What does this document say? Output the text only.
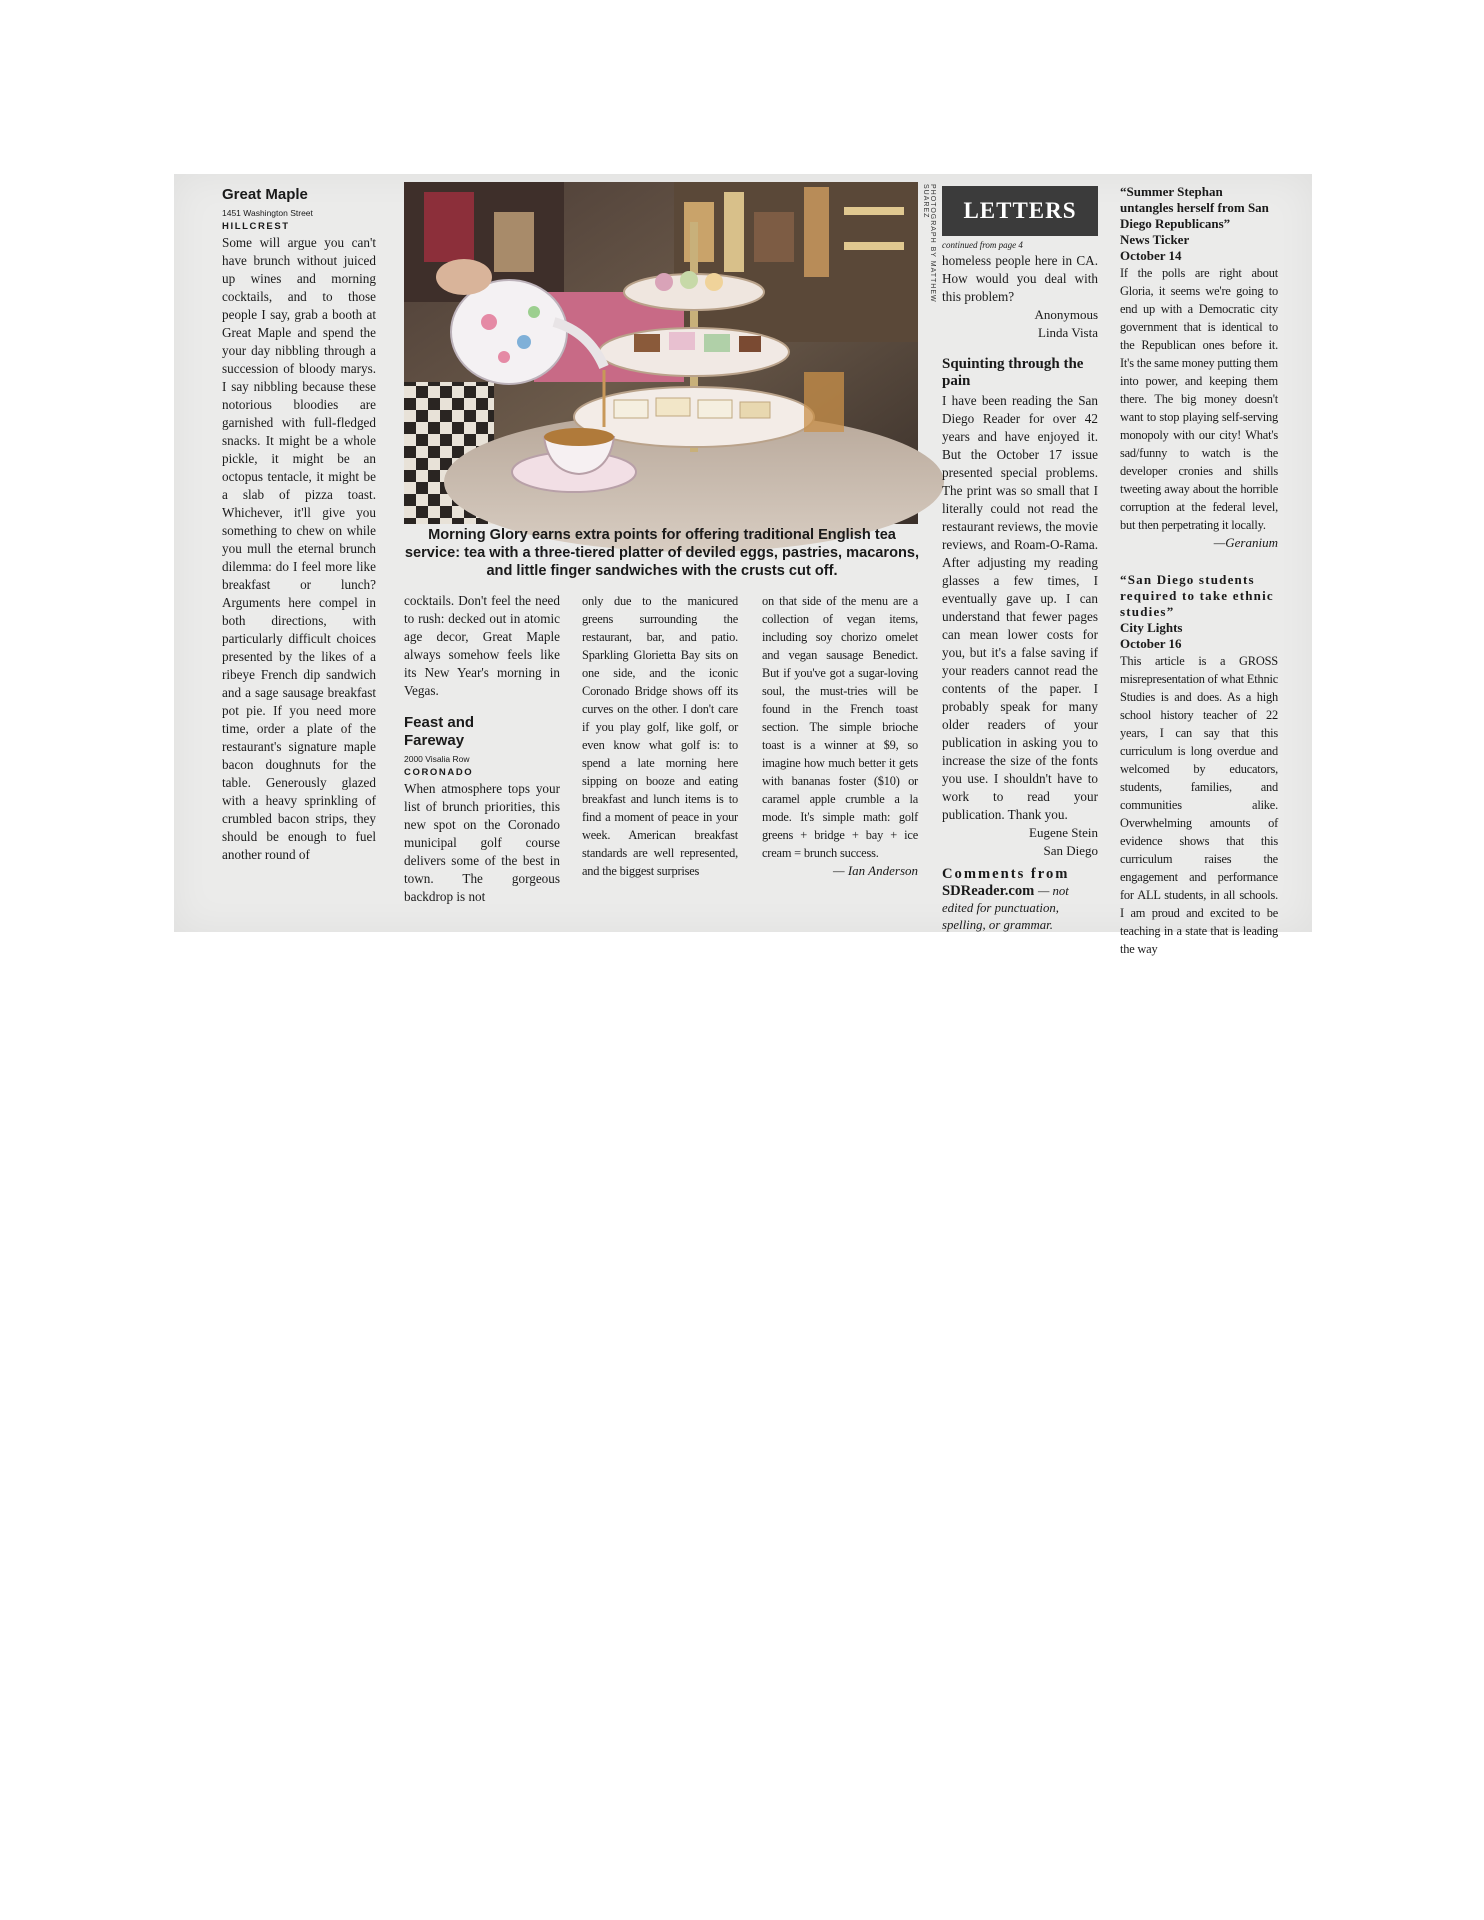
Great Maple

1451 Washington Street

HILLCREST

Some will argue you can't have brunch without juiced up wines and morning cocktails, and to those people I say, grab a booth at Great Maple and spend the your day nibbling through a succession of bloody marys. I say nibbling because these notorious bloodies are garnished with full-fledged snacks. It might be a whole pickle, it might be an octopus tentacle, it might be a slab of pizza toast. Whichever, it'll give you something to chew on while you mull the eternal brunch dilemma: do I feel more like breakfast or lunch? Arguments here compel in both directions, with particularly difficult choices presented by the likes of a ribeye French dip sandwich and a sage sausage breakfast pot pie. If you need more time, order a plate of the restaurant's signature maple bacon doughnuts for the table. Generously glazed with a heavy sprinkling of crumbled bacon strips, they should be enough to fuel another round of

PHOTOGRAPH BY MATTHEW SUAREZ

Morning Glory earns extra points for offering traditional English tea service: tea with a three-tiered platter of deviled eggs, pastries, macarons, and little finger sandwiches with the crusts cut off.

cocktails. Don't feel the need to rush: decked out in atomic age decor, Great Maple always somehow feels like its New Year's morning in Vegas.

Feast and Fareway

2000 Visalia Row

CORONADO

When atmosphere tops your list of brunch priorities, this new spot on the Coronado municipal golf course delivers some of the best in town. The gorgeous backdrop is not

only due to the manicured greens surrounding the restaurant, bar, and patio. Sparkling Glorietta Bay sits on one side, and the iconic Coronado Bridge shows off its curves on the other. I don't care if you play golf, like golf, or even know what golf is: to spend a late morning here sipping on booze and eating breakfast and lunch items is to find a moment of peace in your week. American breakfast standards are well represented, and the biggest surprises

on that side of the menu are a collection of vegan items, including soy chorizo omelet and vegan sausage Benedict. But if you've got a sugar-loving soul, the must-tries will be found in the French toast section. The simple brioche toast is a winner at $9, so imagine how much better it gets with bananas foster ($10) or caramel apple crumble a la mode. It's simple math: golf greens + bridge + bay + ice cream = brunch success.

— Ian Anderson

LETTERS

continued from page 4

homeless people here in CA. How would you deal with this problem?

Anonymous

Linda Vista

Squinting through the pain

I have been reading the San Diego Reader for over 42 years and have enjoyed it. But the October 17 issue presented special problems. The print was so small that I literally could not read the restaurant reviews, the movie reviews, and Roam-O-Rama. After adjusting my reading glasses a few times, I eventually gave up. I can understand that fewer pages can mean lower costs for you, but it's a false saving if your readers cannot read the contents of the paper. I probably speak for many older readers of your publication in asking you to increase the size of the fonts you use. I shouldn't have to work to read your publication. Thank you.

Eugene Stein

San Diego

Comments from
SDReader.com — not edited for punctuation, spelling, or grammar.

“Summer Stephan untangles herself from San Diego Republicans”

News Ticker

October 14

If the polls are right about Gloria, it seems we're going to end up with a Democratic city government that is identical to the Republican ones before it. It's the same money putting them into power, and keeping them there. The big money doesn't want to stop playing self-serving monopoly with our city! What's sad/funny to watch is the developer cronies and shills tweeting away about the horrible corruption at the federal level, but then perpetrating it locally.

—Geranium

“San Diego students required to take ethnic studies”

City Lights

October 16

This article is a GROSS misrepresentation of what Ethnic Studies is and does. As a high school history teacher of 22 years, I can say that this curriculum is long overdue and welcomed by educators, students, families, and communities alike. Overwhelming amounts of evidence shows that this curriculum raises the engagement and performance for ALL students, in all schools. I am proud and excited to be teaching in a state that is leading the way
